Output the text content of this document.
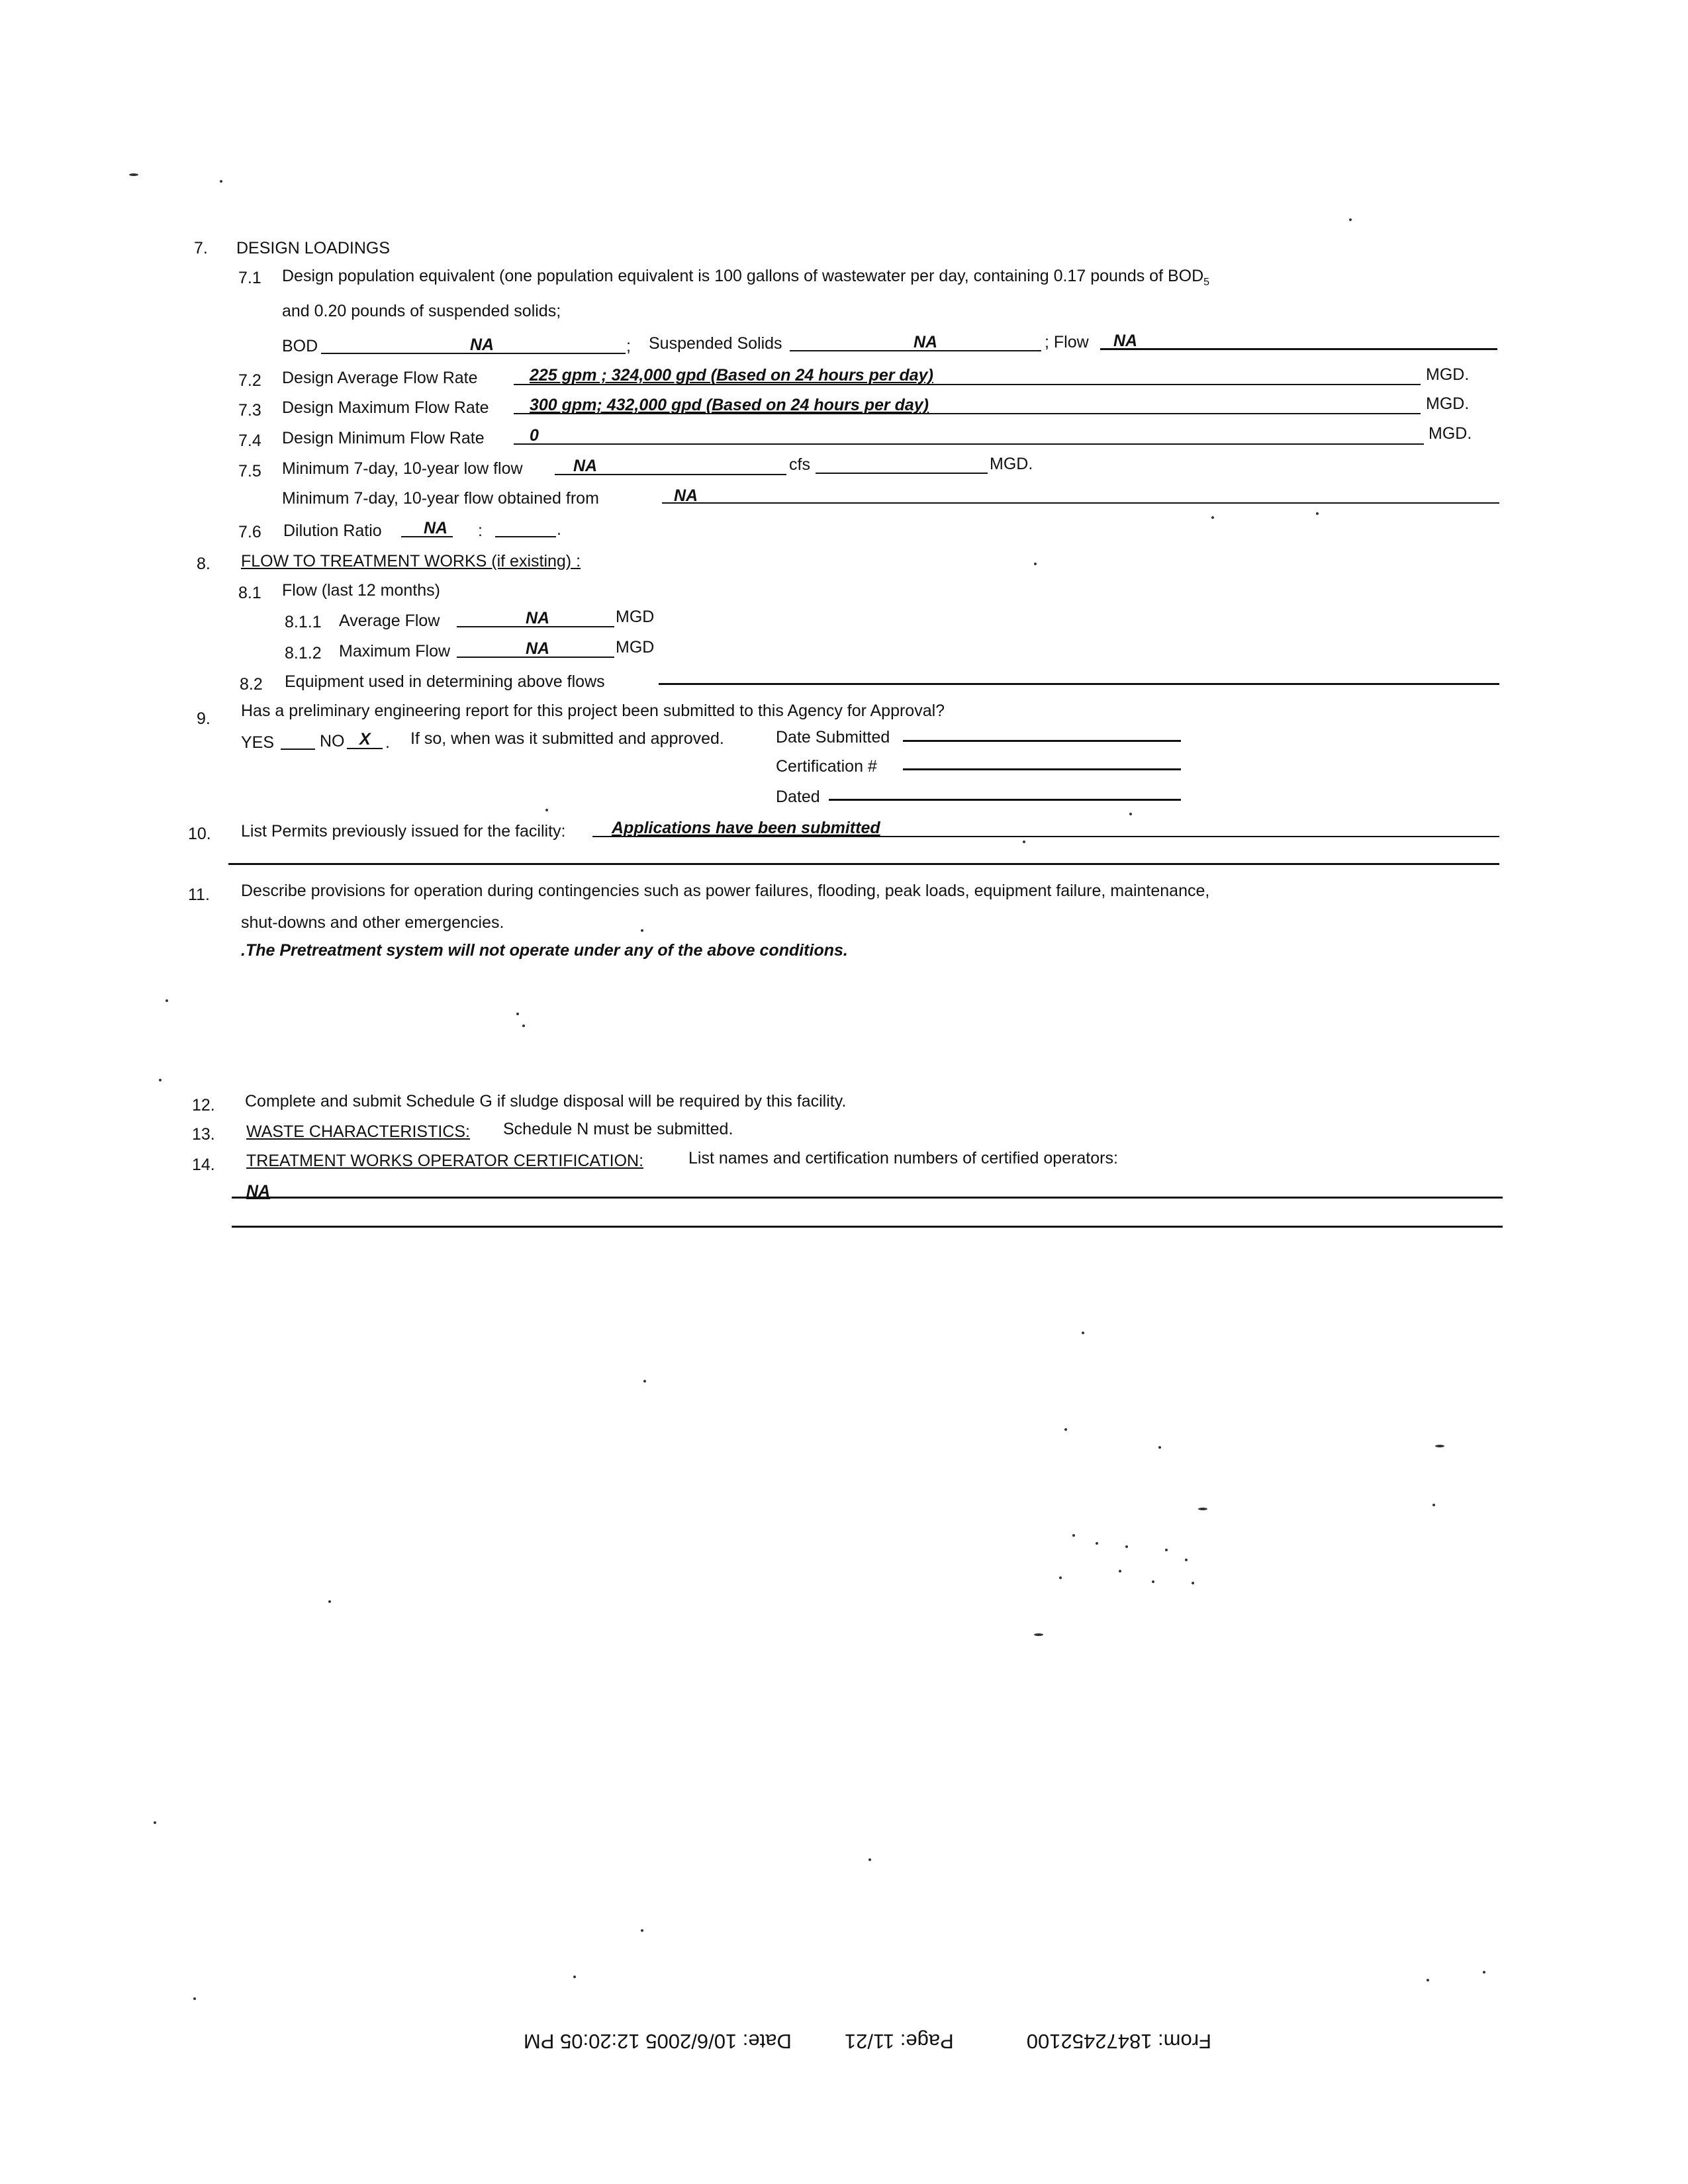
7. DESIGN LOADINGS
7.1 Design population equivalent (one population equivalent is 100 gallons of wastewater per day, containing 0.17 pounds of $BOD_5$
and 0.20 pounds of suspended solids;
BOD	NA	; Suspended Solids	NA	; Flow NA
7.2 Design Average Flow Rate	225 gpm ; 324,000 gpd (Based on 24 hours per day)	MGD.
7.3 Design Maximum Flow Rate 300 gpm; 432,000 gpd (Based on 24 hours per day)	MGD.
7.4 Design Minimum Flow Rate	0	MGD.
7.5 Minimum 7-day, 10-year low flow	NA	cfs	MGD.
Minimum 7-day, 10-year flow obtained from	NA
7.6 Dilution Ratio	NA :	.
8. FLOW TO TREATMENT WORKS (if existing) :
8.1 Flow (last 12 months)
8.1.1 Average Flow	NA	MGD
8.1.2 Maximum Flow	NA	MGD
8.2 Equipment used in determining above flows
9. Has a preliminary engineering report for this project been submitted to this Agency for Approval?
YES	NO X . If so, when was it submitted and approved.	Date Submitted
Certification #
Dated
10. List Permits previously issued for the facility:	Applications have been submitted
11. Describe provisions for operation during contingencies such as power failures, flooding, peak loads, equipment failure, maintenance,
shut-downs and other emergencies.
.The Pretreatment system will not operate under any of the above conditions.
12. Complete and submit Schedule G if sludge disposal will be required by this facility.
13. WASTE CHARACTERISTICS: Schedule N must be submitted.
14. TREATMENT WORKS OPERATOR CERTIFICATION:	List names and certification numbers of certified operators:
NA
From: 18472452100
Page: 11/21
Date: 10/6/2005 12:20:05 PM
